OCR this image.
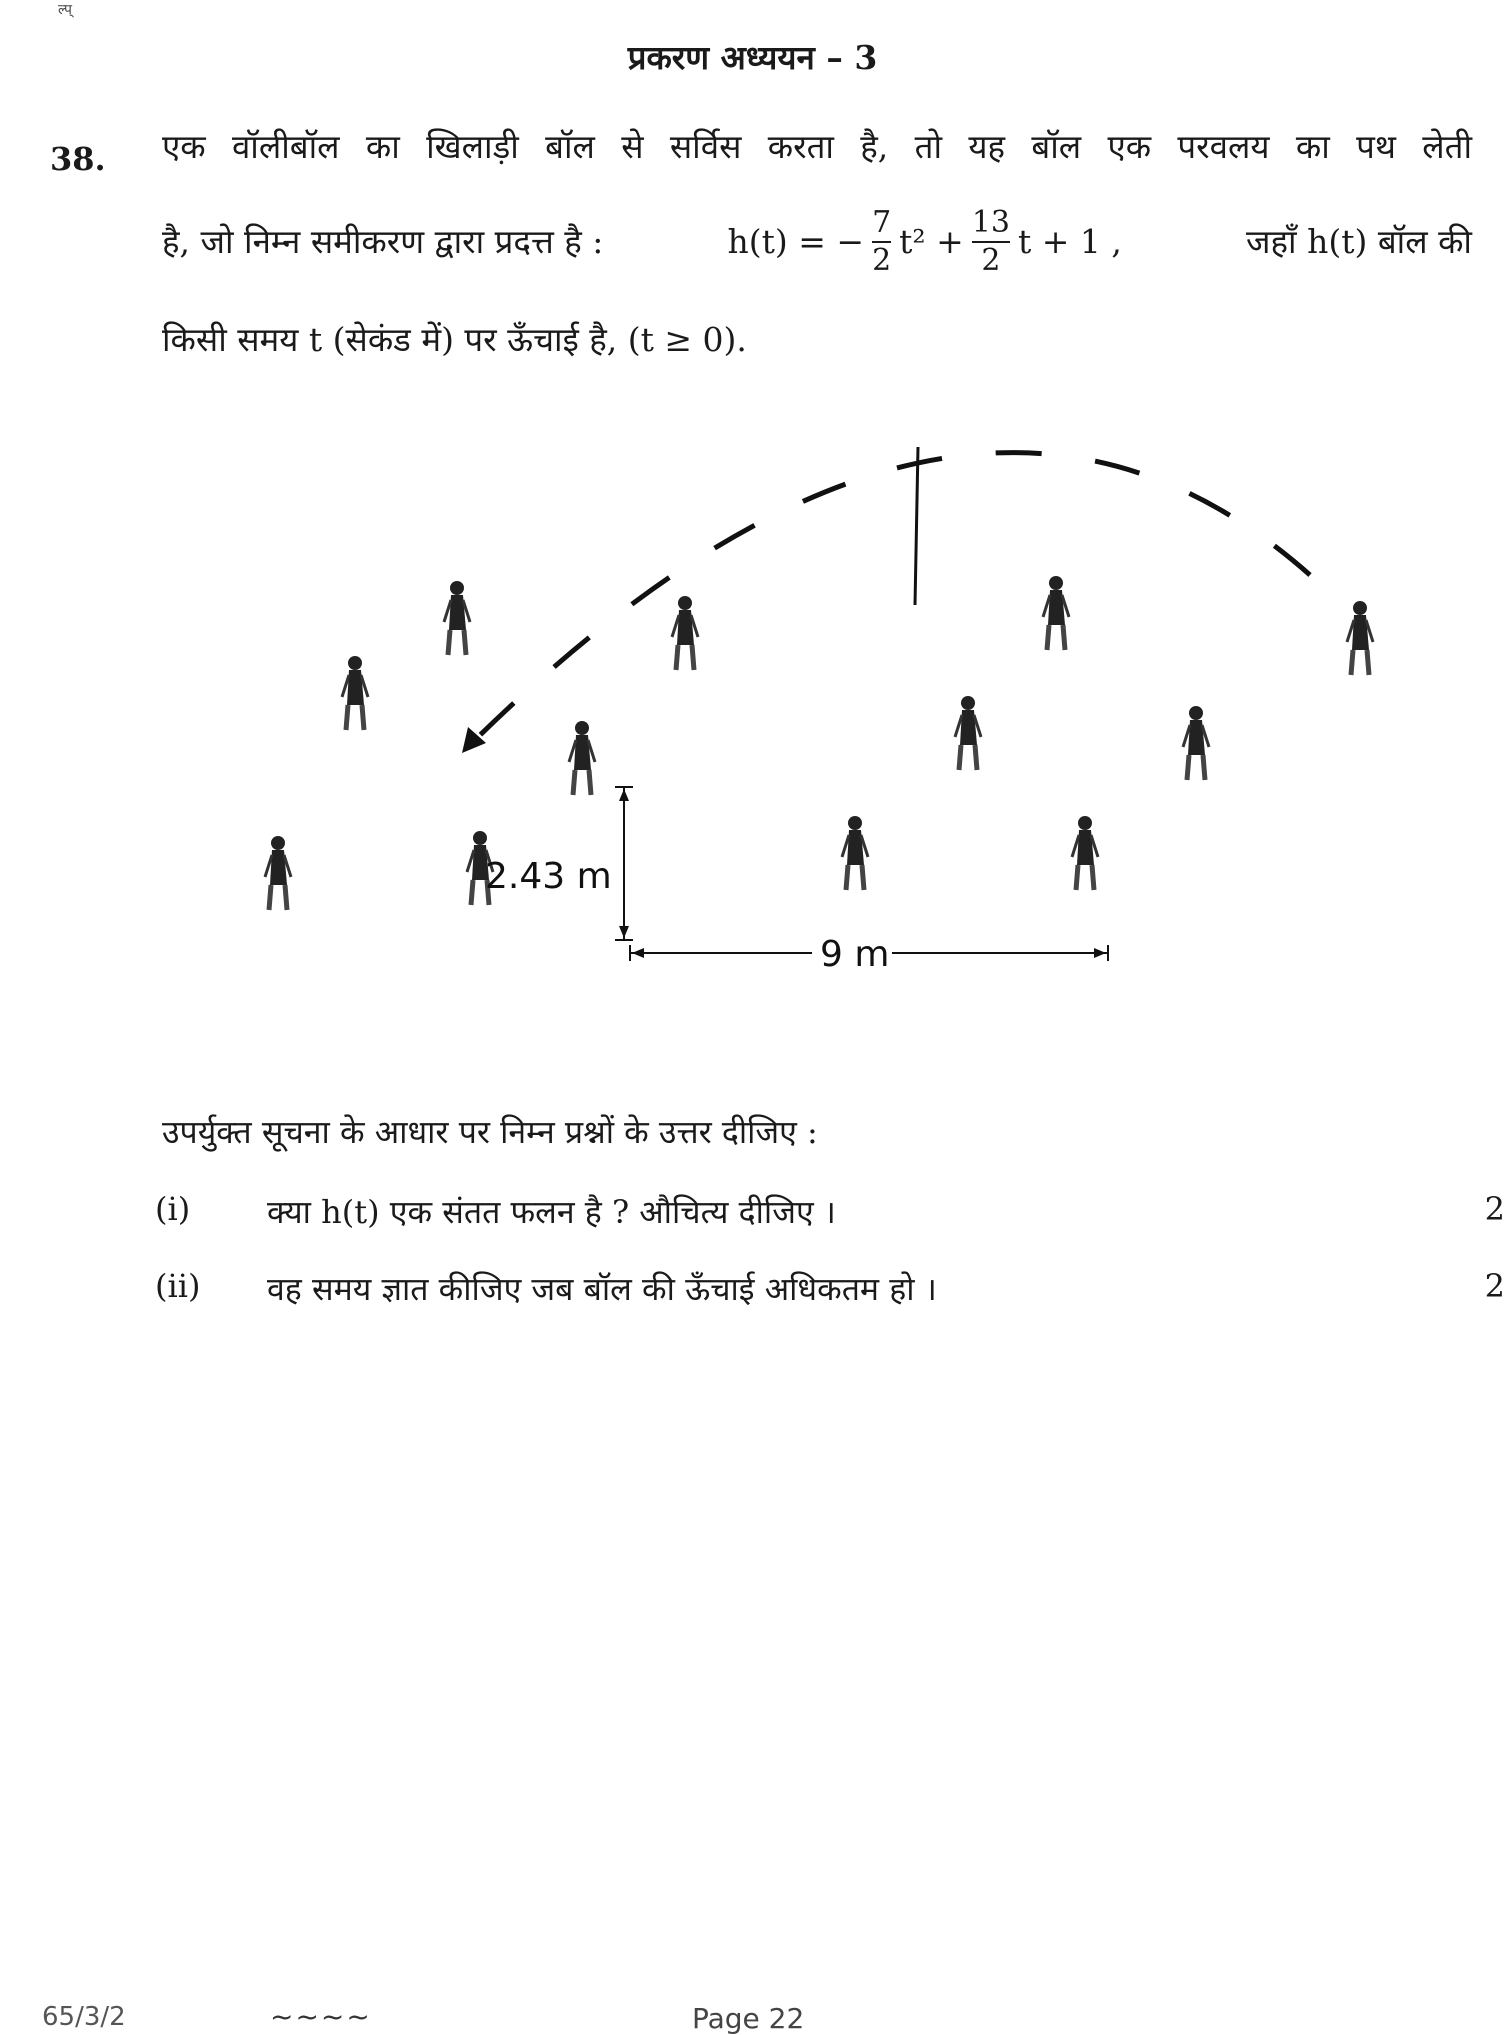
ल्प्
प्रकरण अध्ययन – 3
38. एक वॉलीबॉल का खिलाड़ी बॉल से सर्विस करता है, तो यह बॉल एक परवलय का पथ लेती
है, जो निम्न समीकरण द्वारा प्रदत्त है :	h(t) = − $\frac{7}{2} t^2 + \frac{13}{2}$ t + 1 ,	जहाँ h(t) बॉल की
किसी समय t (सेकंड में) पर ऊँचाई है, (t ≥ 0).
2.43 m
9 m
उपर्युक्त सूचना के आधार पर निम्न प्रश्नों के उत्तर दीजिए :
(i) क्या h(t) एक संतत फलन है ? औचित्य दीजिए ।	2
(ii) वह समय ज्ञात कीजिए जब बॉल की ऊँचाई अधिकतम हो ।	2
65/3/2	~~~~	Page 22
